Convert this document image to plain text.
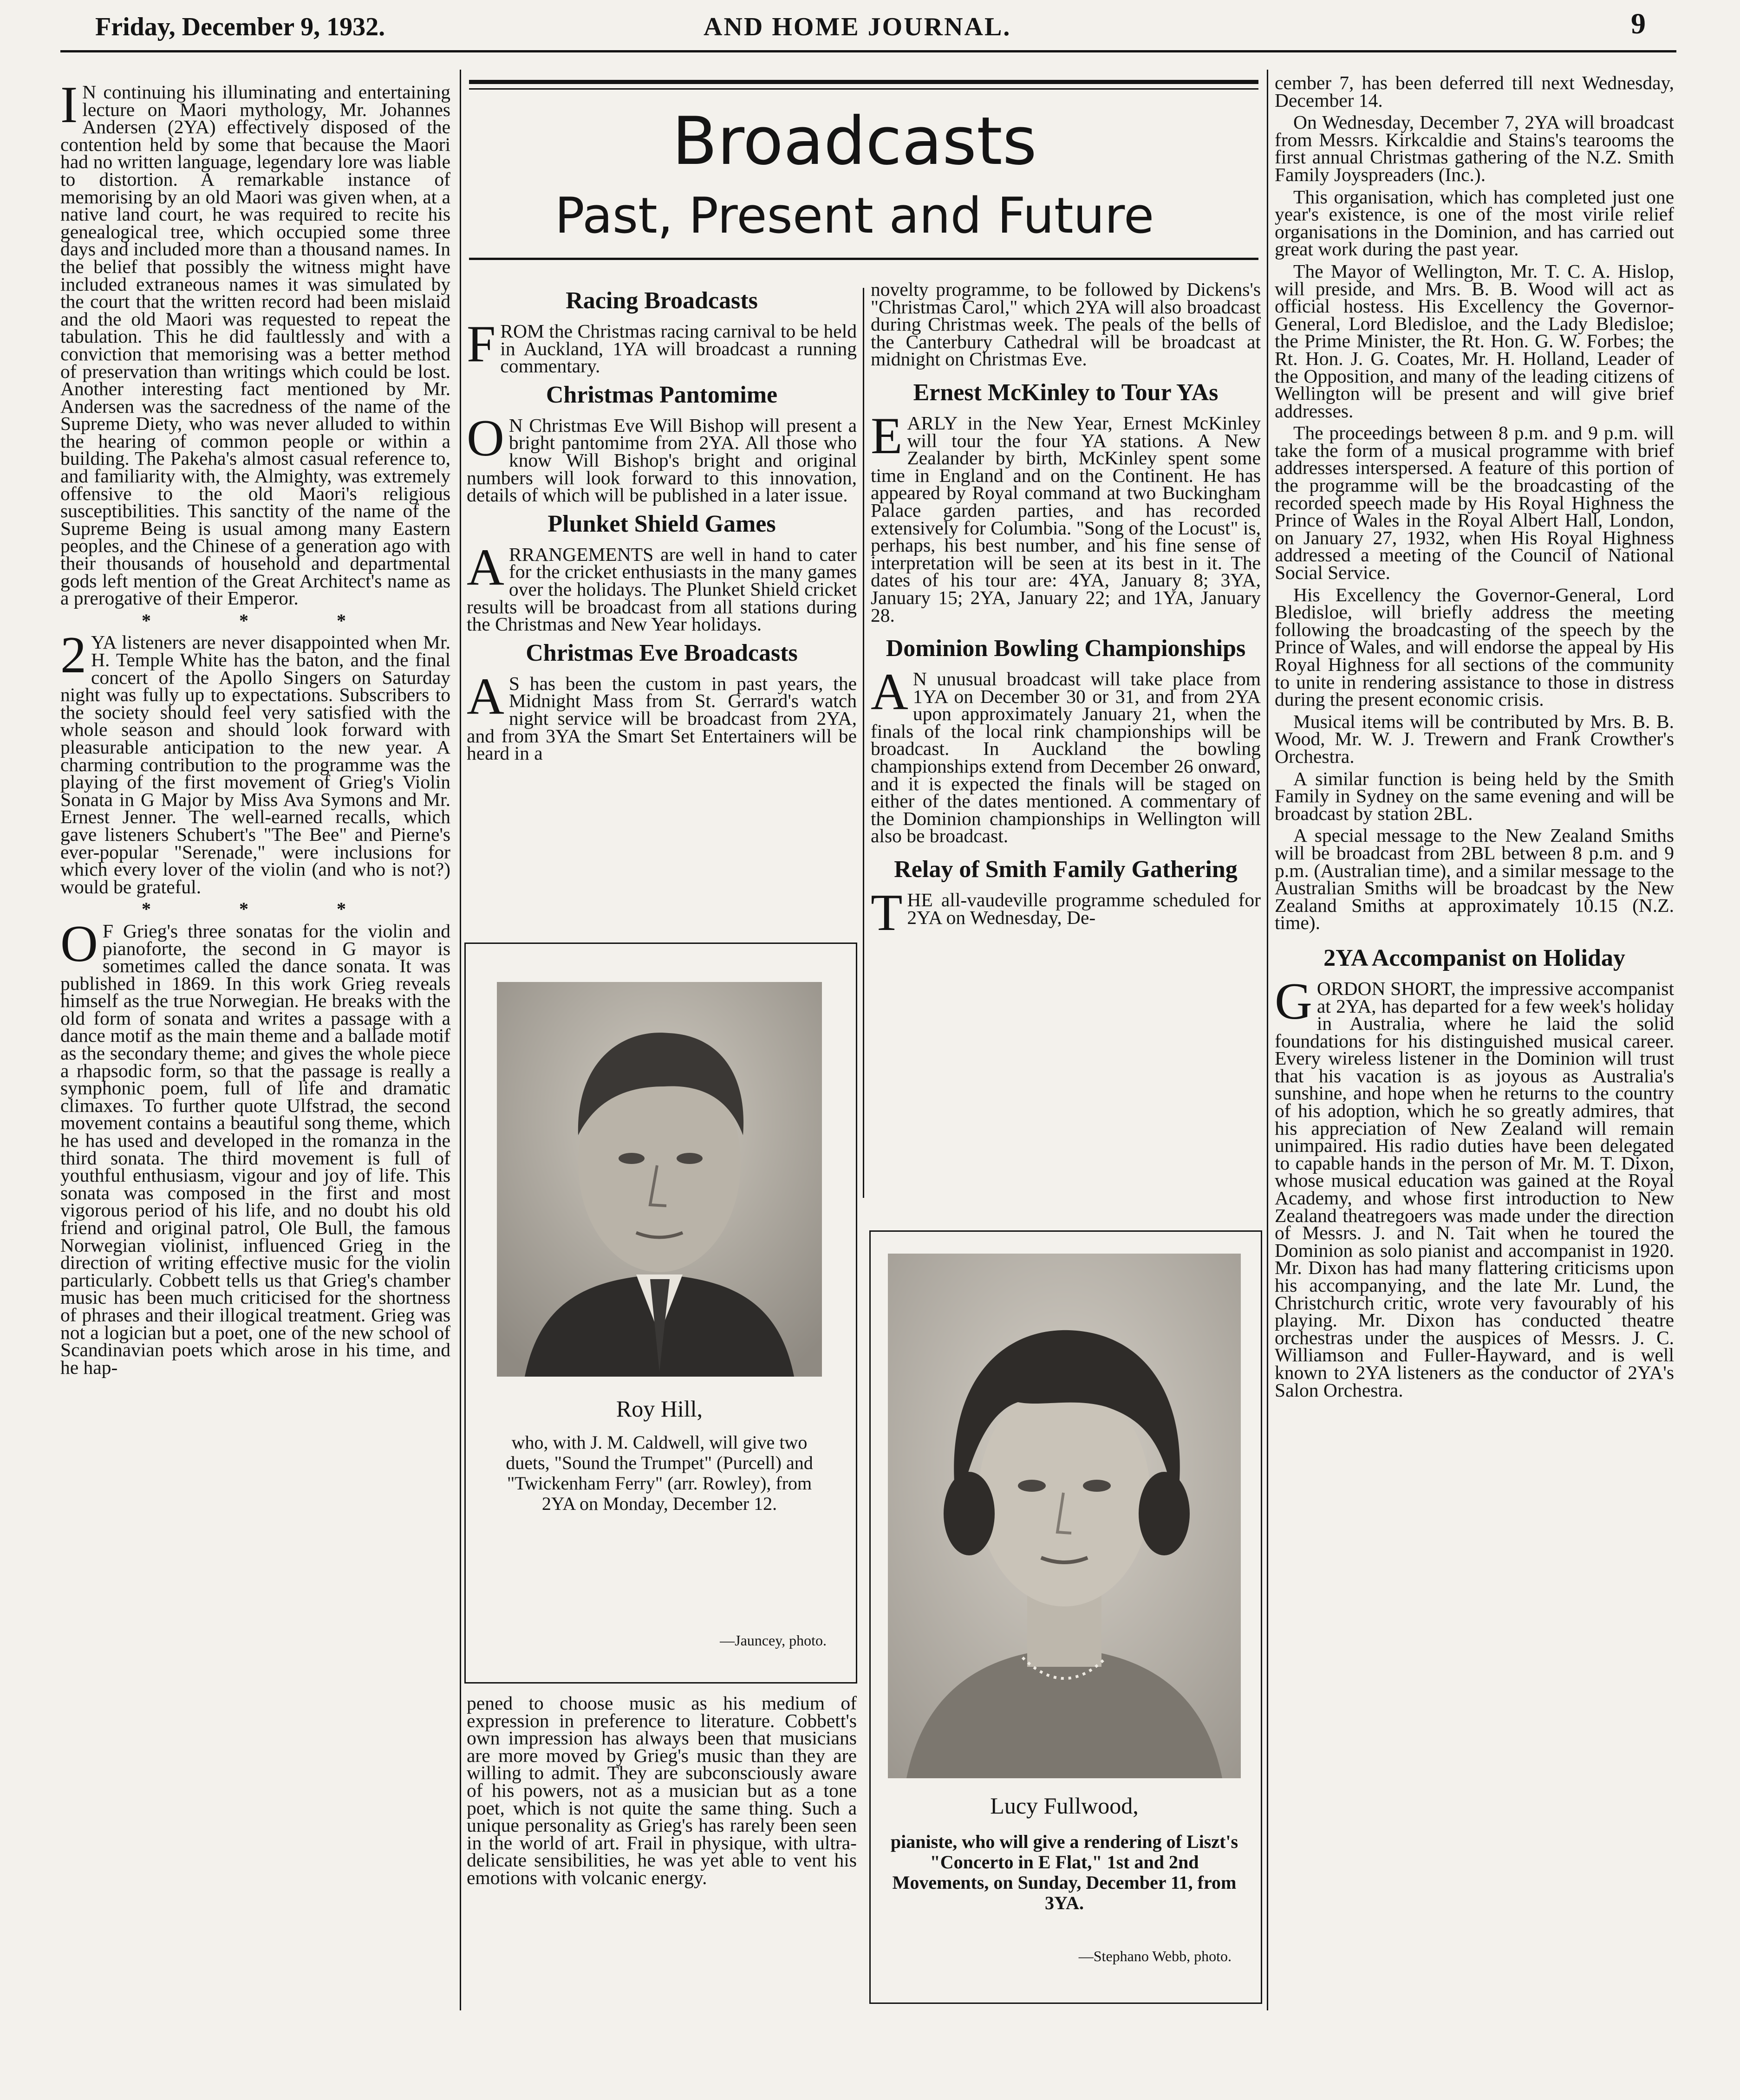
Friday, December 9, 1932.	AND HOME JOURNAL.	9
Broadcasts
Past, Present and Future

I N continuing his illuminating and entertaining lecture on Maori mythology, Mr. Johannes Andersen (2YA) effectively disposed of the contention held by some that because the Maori had no written language, legendary lore was liable to distortion. A remarkable instance of memorising by an old Maori was given when, at a native land court, he was required to recite his genealogical tree, which occupied some three days and included more than a thousand names. In the belief that possibly the witness might have included extraneous names it was simulated by the court that the written record had been mislaid and the old Maori was requested to repeat the tabulation. This he did faultlessly and with a conviction that memorising was a better method of preservation than writings which could be lost. Another interesting fact mentioned by Mr. Andersen was the sacredness of the name of the Supreme Diety, who was never alluded to within the hearing of common people or within a building. The Pakeha's almost casual reference to, and familiarity with, the Almighty, was extremely offensive to the old Maori's religious susceptibilities. This sanctity of the name of the Supreme Being is usual among many Eastern peoples, and the Chinese of a generation ago with their thousands of household and departmental gods left mention of the Great Architect's name as a prerogative of their Emperor.

* * *

2 YA listeners are never disappointed when Mr. H. Temple White has the baton, and the final concert of the Apollo Singers on Saturday night was fully up to expectations. Subscribers to the society should feel very satisfied with the whole season and should look forward with pleasurable anticipation to the new year. A charming contribution to the programme was the playing of the first movement of Grieg's Violin Sonata in G Major by Miss Ava Symons and Mr. Ernest Jenner. The well-earned recalls, which gave listeners Schubert's "The Bee" and Pierne's ever-popular "Serenade," were inclusions for which every lover of the violin (and who is not?) would be grateful.

* * *

O F Grieg's three sonatas for the violin and pianoforte, the second in G mayor is sometimes called the dance sonata. It was published in 1869. In this work Grieg reveals himself as the true Norwegian. He breaks with the old form of sonata and writes a passage with a dance motif as the main theme and a ballade motif as the secondary theme; and gives the whole piece a rhapsodic form, so that the passage is really a symphonic poem, full of life and dramatic climaxes. To further quote Ulfstrad, the second movement contains a beautiful song theme, which he has used and developed in the romanza in the third sonata. The third movement is full of youthful enthusiasm, vigour and joy of life. This sonata was composed in the first and most vigorous period of his life, and no doubt his old friend and original patrol, Ole Bull, the famous Norwegian violinist, influenced Grieg in the direction of writing effective music for the violin particularly. Cobbett tells us that Grieg's chamber music has been much criticised for the shortness of phrases and their illogical treatment. Grieg was not a logician but a poet, one of the new school of Scandinavian poets which arose in his time, and he hap-

Racing Broadcasts

FROM the Christmas racing carnival to be held in Auckland, 1YA will broadcast a running commentary.

Christmas Pantomime

O N Christmas Eve Will Bishop will present a bright pantomime from 2YA. All those who know Will Bishop's bright and original numbers will look forward to this innovation, details of which will be published in a later issue.

Plunket Shield Games

ARRANGEMENTS are well in hand to cater for the cricket enthusiasts in the many games over the holidays. The Plunket Shield cricket results will be broadcast from all stations during the Christmas and New Year holidays.

Christmas Eve Broadcasts

A S has been the custom in past years, the Midnight Mass from St. Gerrard's watch night service will be broadcast from 2YA, and from 3YA the Smart Set Entertainers will be heard in a

Roy Hill,
who, with J. M. Caldwell, will give two duets, "Sound the Trumpet" (Purcell) and "Twickenham Ferry" (arr. Rowley), from 2YA on Monday, December 12.
—Jauncey, photo.

pened to choose music as his medium of expression in preference to literature. Cobbett's own impression has always been that musicians are more moved by Grieg's music than they are willing to admit. They are subconsciously aware of his powers, not as a musician but as a tone poet, which is not quite the same thing. Such a unique personality as Grieg's has rarely been seen in the world of art. Frail in physique, with ultra-delicate sensibilities, he was yet able to vent his emotions with volcanic energy.

novelty programme, to be followed by Dickens's "Christmas Carol," which 2YA will also broadcast during Christmas week. The peals of the bells of the Canterbury Cathedral will be broadcast at midnight on Christmas Eve.

Ernest McKinley to Tour YAs

EARLY in the New Year, Ernest McKinley will tour the four YA stations. A New Zealander by birth, McKinley spent some time in England and on the Continent. He has appeared by Royal command at two Buckingham Palace garden parties, and has recorded extensively for Columbia. "Song of the Locust" is, perhaps, his best number, and his fine sense of interpretation will be seen at its best in it. The dates of his tour are: 4YA, January 8; 3YA, January 15; 2YA, January 22; and 1YA, January 28.

Dominion Bowling Championships

A N unusual broadcast will take place from 1YA on December 30 or 31, and from 2YA upon approximately January 21, when the finals of the local rink championships will be broadcast. In Auckland the bowling championships extend from December 26 onward, and it is expected the finals will be staged on either of the dates mentioned. A commentary of the Dominion championships in Wellington will also be broadcast.

Relay of Smith Family Gathering

THE all-vaudeville programme scheduled for 2YA on Wednesday, De-

Lucy Fullwood,
pianiste, who will give a rendering of Liszt's "Concerto in E Flat," 1st and 2nd Movements, on Sunday, December 11, from 3YA.
—Stephano Webb, photo.

cember 7, has been deferred till next Wednesday, December 14.

On Wednesday, December 7, 2YA will broadcast from Messrs. Kirkcaldie and Stains's tearooms the first annual Christmas gathering of the N.Z. Smith Family Joyspreaders (Inc.).

This organisation, which has completed just one year's existence, is one of the most virile relief organisations in the Dominion, and has carried out great work during the past year.

The Mayor of Wellington, Mr. T. C. A. Hislop, will preside, and Mrs. B. B. Wood will act as official hostess. His Excellency the Governor-General, Lord Bledisloe, and the Lady Bledisloe; the Prime Minister, the Rt. Hon. G. W. Forbes; the Rt. Hon. J. G. Coates, Mr. H. Holland, Leader of the Opposition, and many of the leading citizens of Wellington will be present and will give brief addresses.

The proceedings between 8 p.m. and 9 p.m. will take the form of a musical programme with brief addresses interspersed. A feature of this portion of the programme will be the broadcasting of the recorded speech made by His Royal Highness the Prince of Wales in the Royal Albert Hall, London, on January 27, 1932, when His Royal Highness addressed a meeting of the Council of National Social Service.

His Excellency the Governor-General, Lord Bledisloe, will briefly address the meeting following the broadcasting of the speech by the Prince of Wales, and will endorse the appeal by His Royal Highness for all sections of the community to unite in rendering assistance to those in distress during the present economic crisis.

Musical items will be contributed by Mrs. B. B. Wood, Mr. W. J. Trewern and Frank Crowther's Orchestra.

A similar function is being held by the Smith Family in Sydney on the same evening and will be broadcast by station 2BL.

A special message to the New Zealand Smiths will be broadcast from 2BL between 8 p.m. and 9 p.m. (Australian time), and a similar message to the Australian Smiths will be broadcast by the New Zealand Smiths at approximately 10.15 (N.Z. time).

2YA Accompanist on Holiday

GORDON SHORT, the impressive accompanist at 2YA, has departed for a few week's holiday in Australia, where he laid the solid foundations for his distinguished musical career. Every wireless listener in the Dominion will trust that his vacation is as joyous as Australia's sunshine, and hope when he returns to the country of his adoption, which he so greatly admires, that his appreciation of New Zealand will remain unimpaired. His radio duties have been delegated to capable hands in the person of Mr. M. T. Dixon, whose musical education was gained at the Royal Academy, and whose first introduction to New Zealand theatregoers was made under the direction of Messrs. J. and N. Tait when he toured the Dominion as solo pianist and accompanist in 1920. Mr. Dixon has had many flattering criticisms upon his accompanying, and the late Mr. Lund, the Christchurch critic, wrote very favourably of his playing. Mr. Dixon has conducted theatre orchestras under the auspices of Messrs. J. C. Williamson and Fuller-Hayward, and is well known to 2YA listeners as the conductor of 2YA's Salon Orchestra.
